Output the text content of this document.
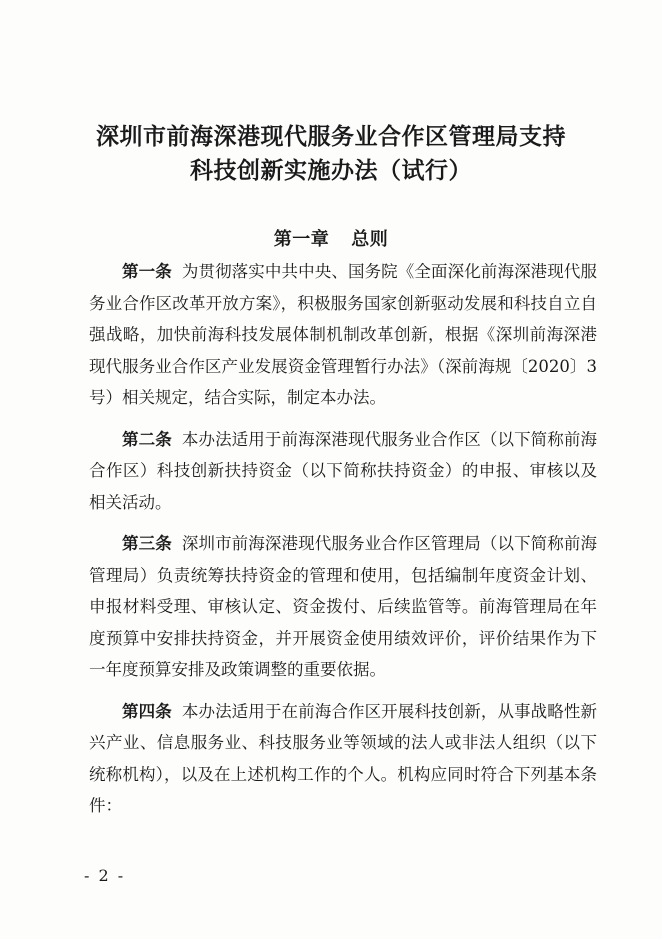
深圳市前海深港现代服务业合作区管理局支持
科技创新实施办法（试行）
第一章 总则

第一条 为贯彻落实中共中央、国务院《全面深化前海深港现代服务业合作区改革开放方案》，积极服务国家创新驱动发展和科技自立自强战略，加快前海科技发展体制机制改革创新，根据《深圳前海深港现代服务业合作区产业发展资金管理暂行办法》（深前海规〔2020〕3号）相关规定，结合实际，制定本办法。

第二条 本办法适用于前海深港现代服务业合作区（以下简称前海合作区）科技创新扶持资金（以下简称扶持资金）的申报、审核以及相关活动。

第三条 深圳市前海深港现代服务业合作区管理局（以下简称前海管理局）负责统筹扶持资金的管理和使用，包括编制年度资金计划、申报材料受理、审核认定、资金拨付、后续监管等。前海管理局在年度预算中安排扶持资金，并开展资金使用绩效评价，评价结果作为下一年度预算安排及政策调整的重要依据。

第四条 本办法适用于在前海合作区开展科技创新，从事战略性新兴产业、信息服务业、科技服务业等领域的法人或非法人组织（以下统称机构），以及在上述机构工作的个人。机构应同时符合下列基本条件：

- 2 -
